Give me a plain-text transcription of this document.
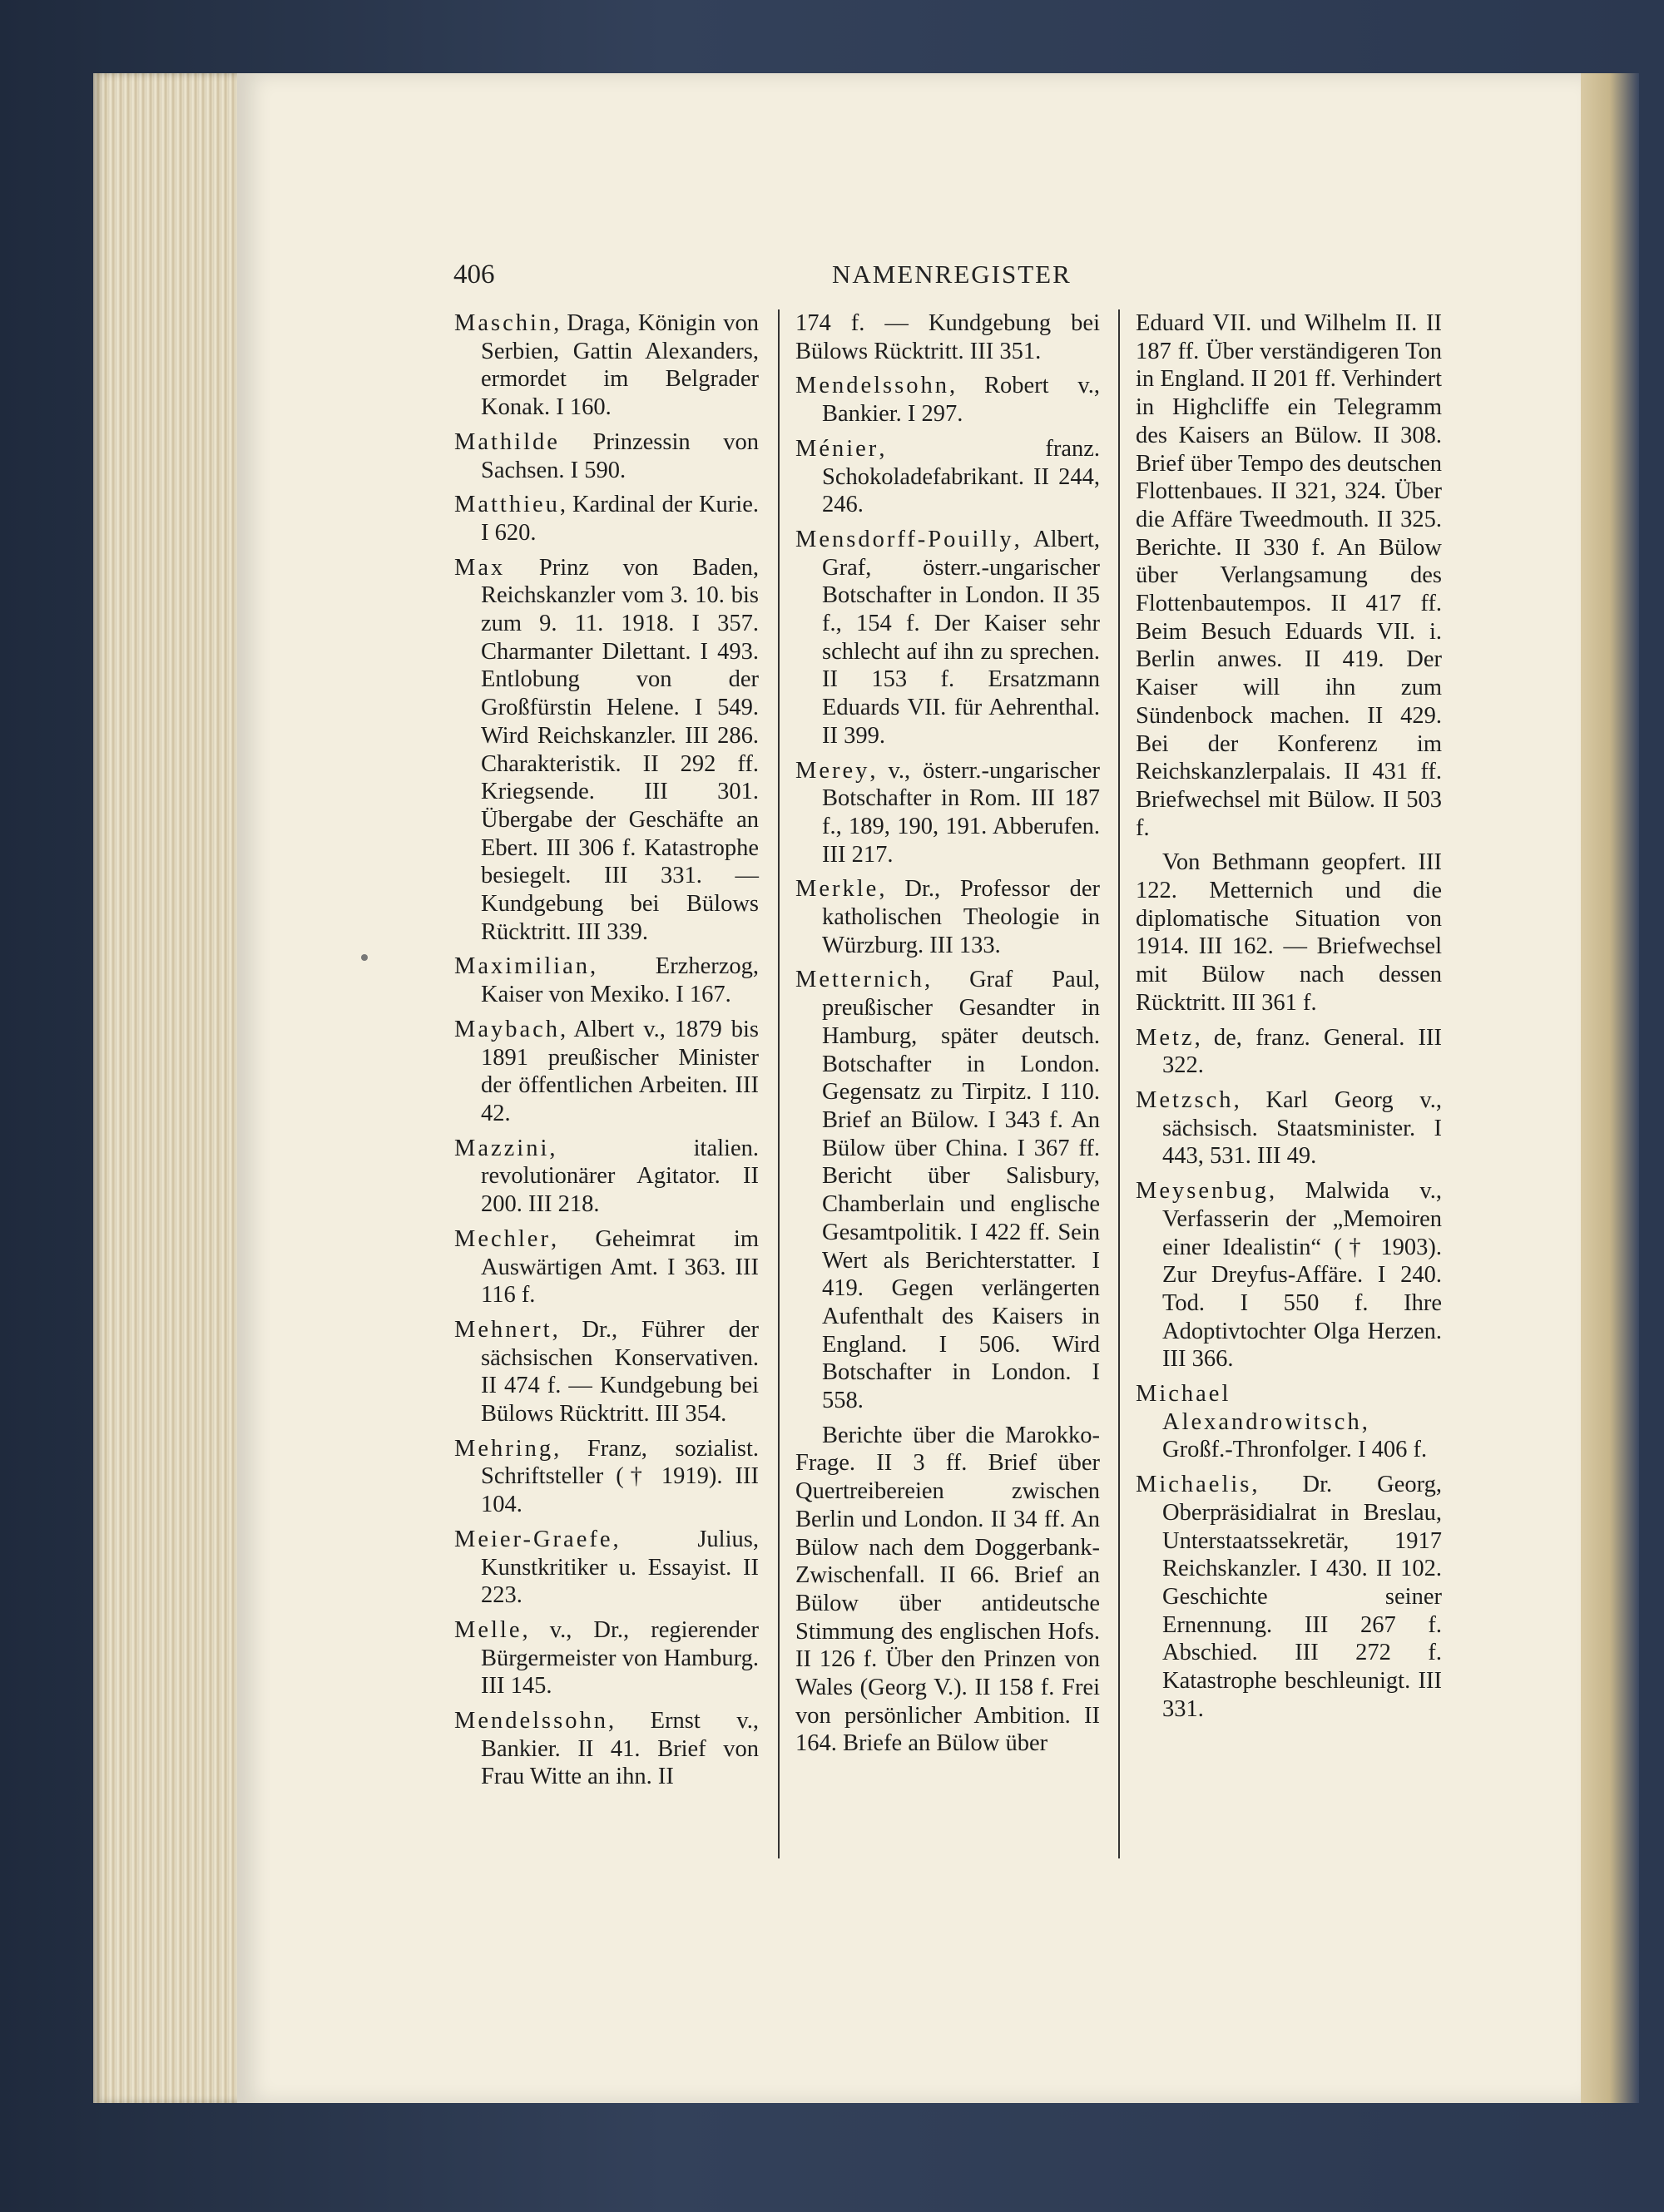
406	NAMENREGISTER

Maschin, Draga, Königin von Serbien, Gattin Alexanders, ermordet im Belgrader Konak. I 160.

Mathilde Prinzessin von Sachsen. I 590.

Matthieu, Kardinal der Kurie. I 620.

Max Prinz von Baden, Reichskanzler vom 3. 10. bis zum 9. 11. 1918. I 357. Charmanter Dilettant. I 493. Entlobung von der Großfürstin Helene. I 549. Wird Reichskanzler. III 286. Charakteristik. II 292 ff. Kriegsende. III 301. Übergabe der Geschäfte an Ebert. III 306 f. Katastrophe besiegelt. III 331. — Kundgebung bei Bülows Rücktritt. III 339.

Maximilian, Erzherzog, Kaiser von Mexiko. I 167.

Maybach, Albert v., 1879 bis 1891 preußischer Minister der öffentlichen Arbeiten. III 42.

Mazzini, italien. revolutionärer Agitator. II 200. III 218.

Mechler, Geheimrat im Auswärtigen Amt. I 363. III 116 f.

Mehnert, Dr., Führer der sächsischen Konservativen. II 474 f. — Kundgebung bei Bülows Rücktritt. III 354.

Mehring, Franz, sozialist. Schriftsteller († 1919). III 104.

Meier-Graefe, Julius, Kunstkritiker u. Essayist. II 223.

Melle, v., Dr., regierender Bürgermeister von Hamburg. III 145.

Mendelssohn, Ernst v., Bankier. II 41. Brief von Frau Witte an ihn. II

174 f. — Kundgebung bei Bülows Rücktritt. III 351.

Mendelssohn, Robert v., Bankier. I 297.

Ménier, franz. Schokoladefabrikant. II 244, 246.

Mensdorff-Pouilly, Albert, Graf, österr.-ungarischer Botschafter in London. II 35 f., 154 f. Der Kaiser sehr schlecht auf ihn zu sprechen. II 153 f. Ersatzmann Eduards VII. für Aehrenthal. II 399.

Merey, v., österr.-ungarischer Botschafter in Rom. III 187 f., 189, 190, 191. Abberufen. III 217.

Merkle, Dr., Professor der katholischen Theologie in Würzburg. III 133.

Metternich, Graf Paul, preußischer Gesandter in Hamburg, später deutsch. Botschafter in London. Gegensatz zu Tirpitz. I 110. Brief an Bülow. I 343 f. An Bülow über China. I 367 ff. Bericht über Salisbury, Chamberlain und englische Gesamtpolitik. I 422 ff. Sein Wert als Berichterstatter. I 419. Gegen verlängerten Aufenthalt des Kaisers in England. I 506. Wird Botschafter in London. I 558.

Berichte über die Marokko-Frage. II 3 ff. Brief über Quertreibereien zwischen Berlin und London. II 34 ff. An Bülow nach dem Doggerbank-Zwischenfall. II 66. Brief an Bülow über antideutsche Stimmung des englischen Hofs. II 126 f. Über den Prinzen von Wales (Georg V.). II 158 f. Frei von persönlicher Ambition. II 164. Briefe an Bülow über

Eduard VII. und Wilhelm II. II 187 ff. Über verständigeren Ton in England. II 201 ff. Verhindert in Highcliffe ein Telegramm des Kaisers an Bülow. II 308. Brief über Tempo des deutschen Flottenbaues. II 321, 324. Über die Affäre Tweedmouth. II 325. Berichte. II 330 f. An Bülow über Verlangsamung des Flottenbautempos. II 417 ff. Beim Besuch Eduards VII. i. Berlin anwes. II 419. Der Kaiser will ihn zum Sündenbock machen. II 429. Bei der Konferenz im Reichskanzlerpalais. II 431 ff. Briefwechsel mit Bülow. II 503 f.

Von Bethmann geopfert. III 122. Metternich und die diplomatische Situation von 1914. III 162. — Briefwechsel mit Bülow nach dessen Rücktritt. III 361 f.

Metz, de, franz. General. III 322.

Metzsch, Karl Georg v., sächsisch. Staatsminister. I 443, 531. III 49.

Meysenbug, Malwida v., Verfasserin der „Memoiren einer Idealistin“ († 1903). Zur Dreyfus-Affäre. I 240. Tod. I 550 f. Ihre Adoptivtochter Olga Herzen. III 366.

Michael Alexandrowitsch, Großf.-Thronfolger. I 406 f.

Michaelis, Dr. Georg, Oberpräsidialrat in Breslau, Unterstaatssekretär, 1917 Reichskanzler. I 430. II 102. Geschichte seiner Ernennung. III 267 f. Abschied. III 272 f. Katastrophe beschleunigt. III 331.
